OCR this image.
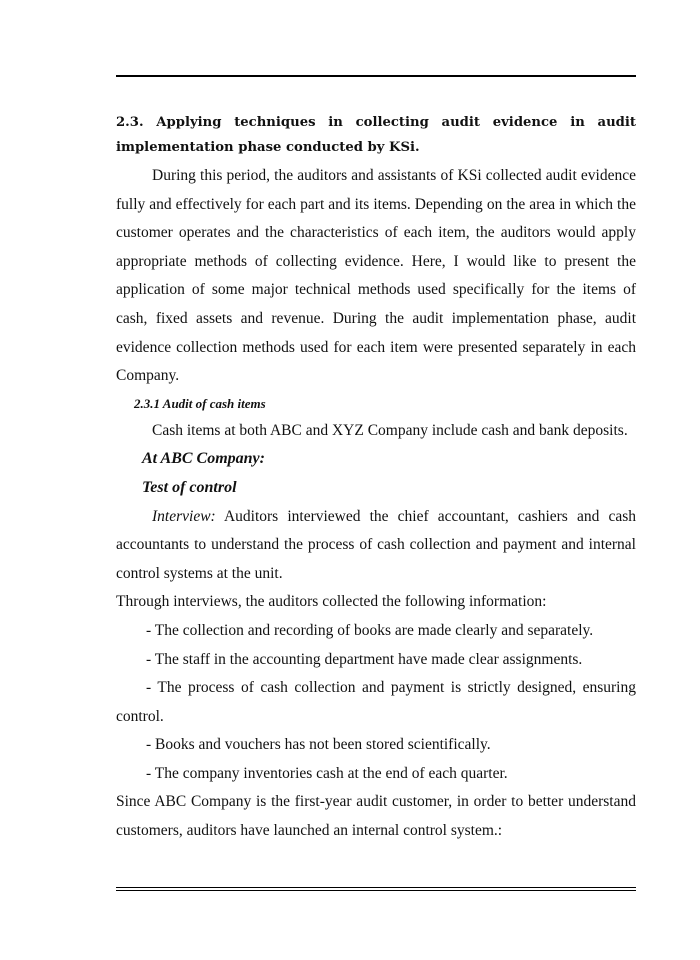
2.3. Applying techniques in collecting audit evidence in audit implementation phase conducted by KSi.

During this period, the auditors and assistants of KSi collected audit evidence fully and effectively for each part and its items. Depending on the area in which the customer operates and the characteristics of each item, the auditors would apply appropriate methods of collecting evidence. Here, I would like to present the application of some major technical methods used specifically for the items of cash, fixed assets and revenue. During the audit implementation phase, audit evidence collection methods used for each item were presented separately in each Company.

2.3.1 Audit of cash items

Cash items at both ABC and XYZ Company include cash and bank deposits.

At ABC Company:

Test of control

Interview: Auditors interviewed the chief accountant, cashiers and cash accountants to understand the process of cash collection and payment and internal control systems at the unit.

Through interviews, the auditors collected the following information:

- The collection and recording of books are made clearly and separately.

- The staff in the accounting department have made clear assignments.

- The process of cash collection and payment is strictly designed, ensuring control.

- Books and vouchers has not been stored scientifically.

- The company inventories cash at the end of each quarter.

Since ABC Company is the first-year audit customer, in order to better understand customers, auditors have launched an internal control system.:
